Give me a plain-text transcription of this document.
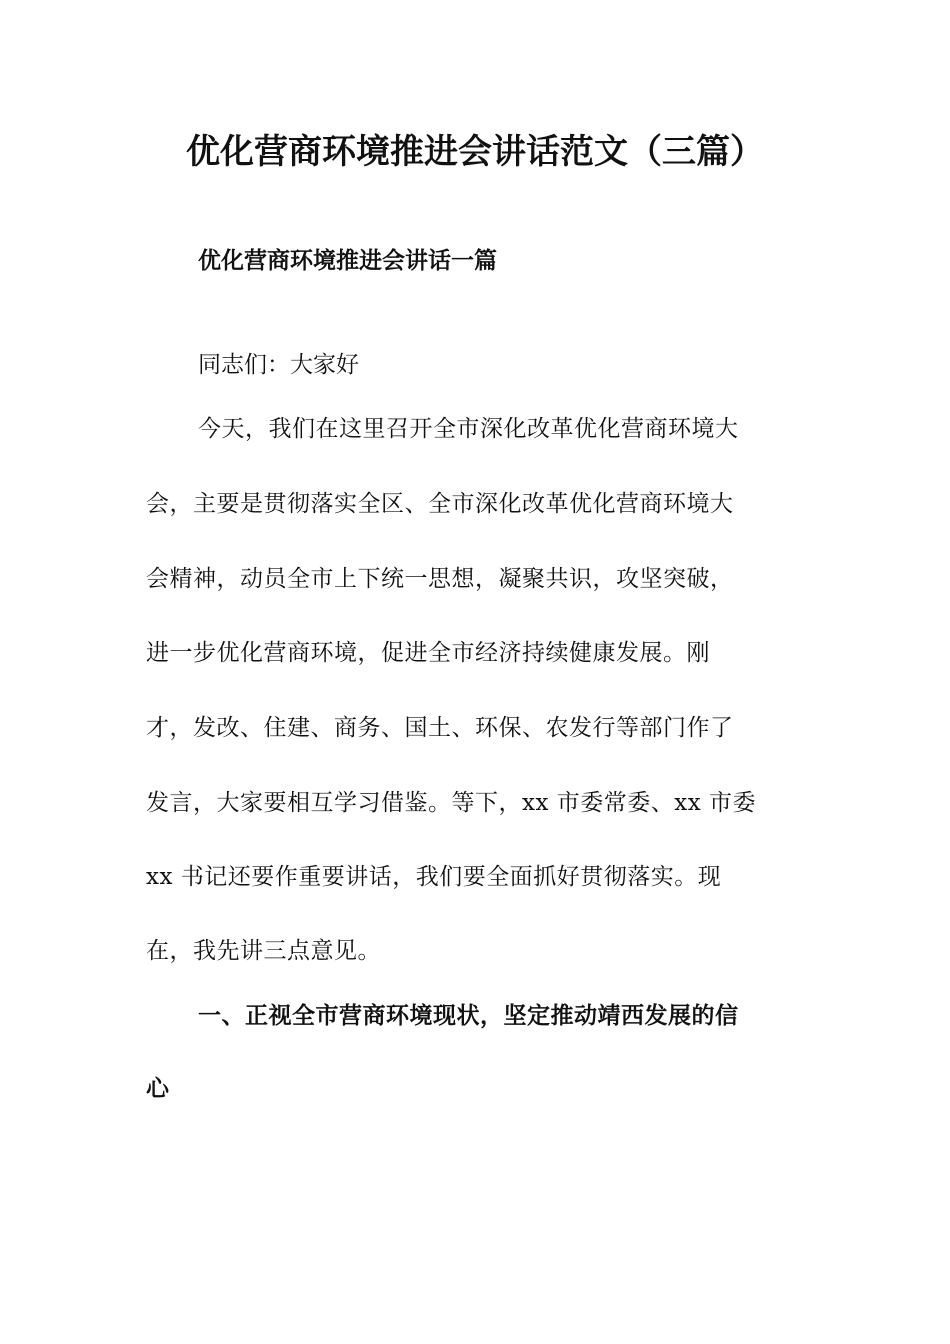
优化营商环境推进会讲话范文（三篇）
优化营商环境推进会讲话一篇
同志们：大家好
今天，我们在这里召开全市深化改革优化营商环境大
会，主要是贯彻落实全区、全市深化改革优化营商环境大
会精神，动员全市上下统一思想，凝聚共识，攻坚突破，
进一步优化营商环境，促进全市经济持续健康发展。刚
才，发改、住建、商务、国土、环保、农发行等部门作了
发言，大家要相互学习借鉴。等下，xx 市委常委、xx 市委
xx 书记还要作重要讲话，我们要全面抓好贯彻落实。现
在，我先讲三点意见。
一、正视全市营商环境现状，坚定推动靖西发展的信
心
